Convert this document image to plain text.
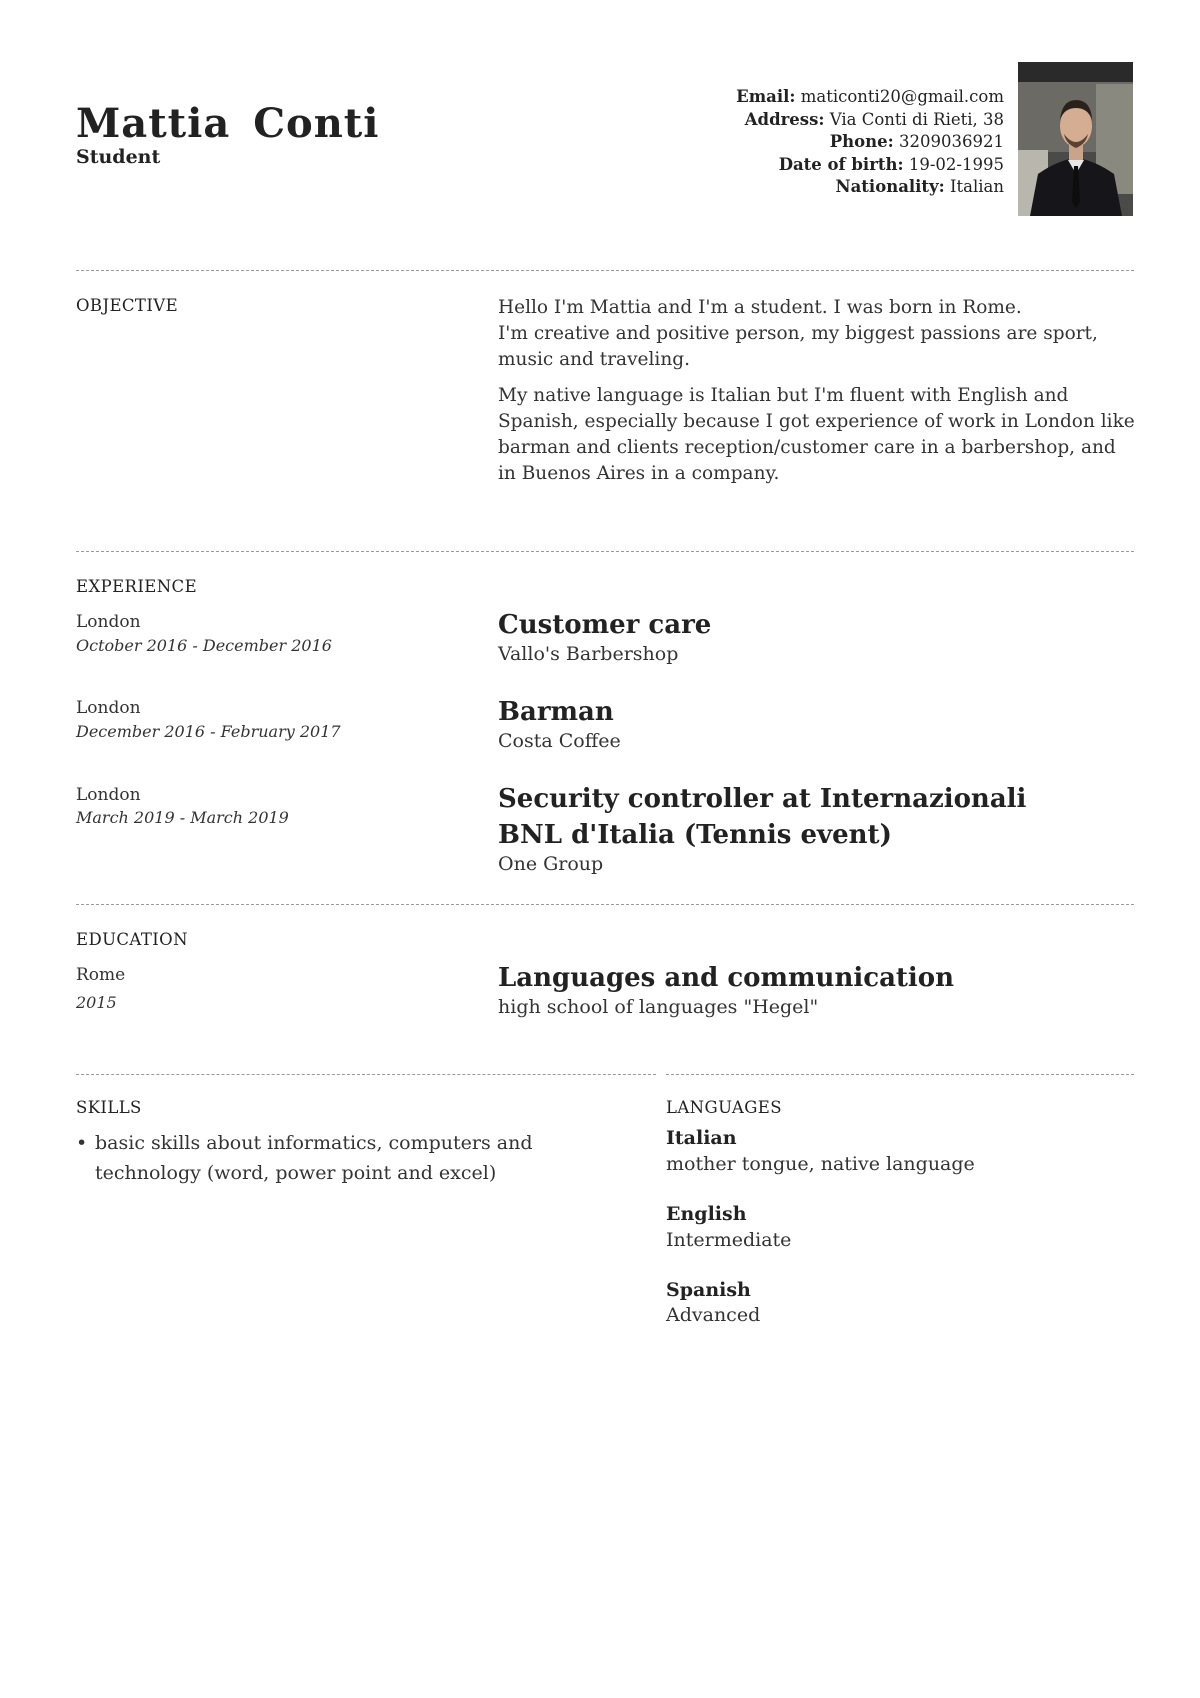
Mattia Conti
Student
Email: maticonti20@gmail.com
Address: Via Conti di Rieti, 38
Phone: 3209036921
Date of birth: 19-02-1995
Nationality: Italian
OBJECTIVE	Hello I'm Mattia and I'm a student. I was born in Rome.
I'm creative and positive person, my biggest passions are sport, music and traveling.

My native language is Italian but I'm fluent with English and Spanish, especially because I got experience of work in London like barman and clients reception/customer care in a barbershop, and in Buenos Aires in a company.

EXPERIENCE
London
October 2016 - December 2016
Customer care
Vallo's Barbershop
London
December 2016 - February 2017
Barman
Costa Coffee
London
March 2019 - March 2019
Security controller at Internazionali BNL d'Italia (Tennis event)
One Group
EDUCATION
Rome
2015
Languages and communication
high school of languages "Hegel"
SKILLS
• basic skills about informatics, computers and technology (word, power point and excel)
LANGUAGES
Italian
mother tongue, native language
English
Intermediate
Spanish
Advanced
